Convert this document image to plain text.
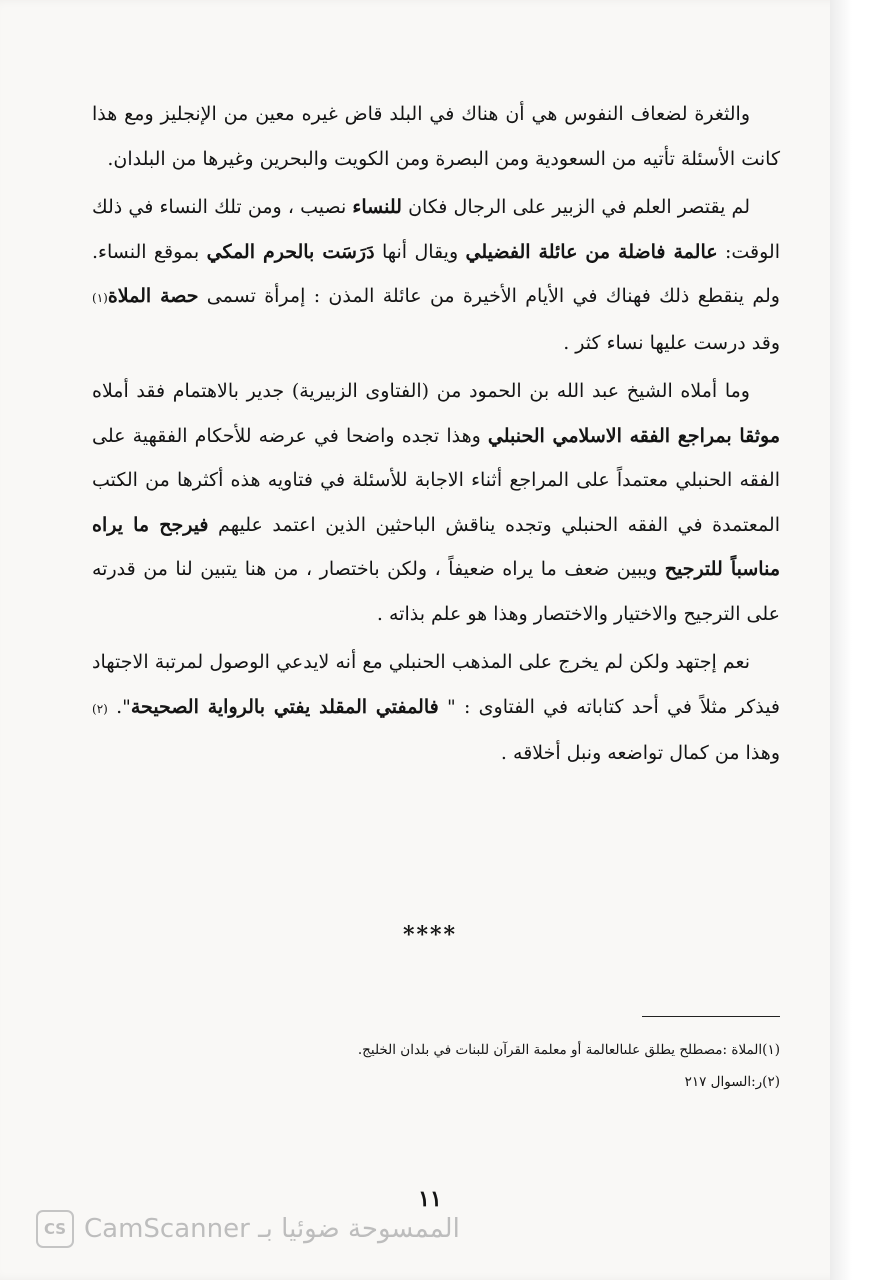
والثغرة لضعاف النفوس هي أن هناك في البلد قاض غيره معين من الإنجليز ومع هذا كانت الأسئلة تأتيه من السعودية ومن البصرة ومن الكويت والبحرين وغيرها من البلدان.

لم يقتصر العلم في الزبير على الرجال فكان للنساء نصيب ، ومن تلك النساء في ذلك الوقت: عالمة فاضلة من عائلة الفضيلي ويقال أنها دَرَسَت بالحرم المكي بموقع النساء. ولم ينقطع ذلك فهناك في الأيام الأخيرة من عائلة المذن : إمرأة تسمى حصة الملاة(١) وقد درست عليها نساء كثر .

وما أملاه الشيخ عبد الله بن الحمود من (الفتاوى الزبيرية) جدير بالاهتمام فقد أملاه موثقا بمراجع الفقه الاسلامي الحنبلي وهذا تجده واضحا في عرضه للأحكام الفقهية على الفقه الحنبلي معتمداً على المراجع أثناء الاجابة للأسئلة في فتاويه هذه أكثرها من الكتب المعتمدة في الفقه الحنبلي وتجده يناقش الباحثين الذين اعتمد عليهم فيرجح ما يراه مناسباً للترجيح ويبين ضعف ما يراه ضعيفاً ، ولكن باختصار ، من هنا يتبين لنا من قدرته على الترجيح والاختيار والاختصار وهذا هو علم بذاته .

نعم إجتهد ولكن لم يخرج على المذهب الحنبلي مع أنه لايدعي الوصول لمرتبة الاجتهاد فيذكر مثلاً في أحد كتاباته في الفتاوى : " فالمفتي المقلد يفتي بالرواية الصحيحة". (٢) وهذا من كمال تواضعه ونبل أخلاقه .

****
(١)الملاة :مصطلح يطلق علىالعالمة أو معلمة القرآن للبنات في بلدان الخليج.
(٢)ر:السوال ٢١٧
١١
CS CamScanner الممسوحة ضوئيا بـ
